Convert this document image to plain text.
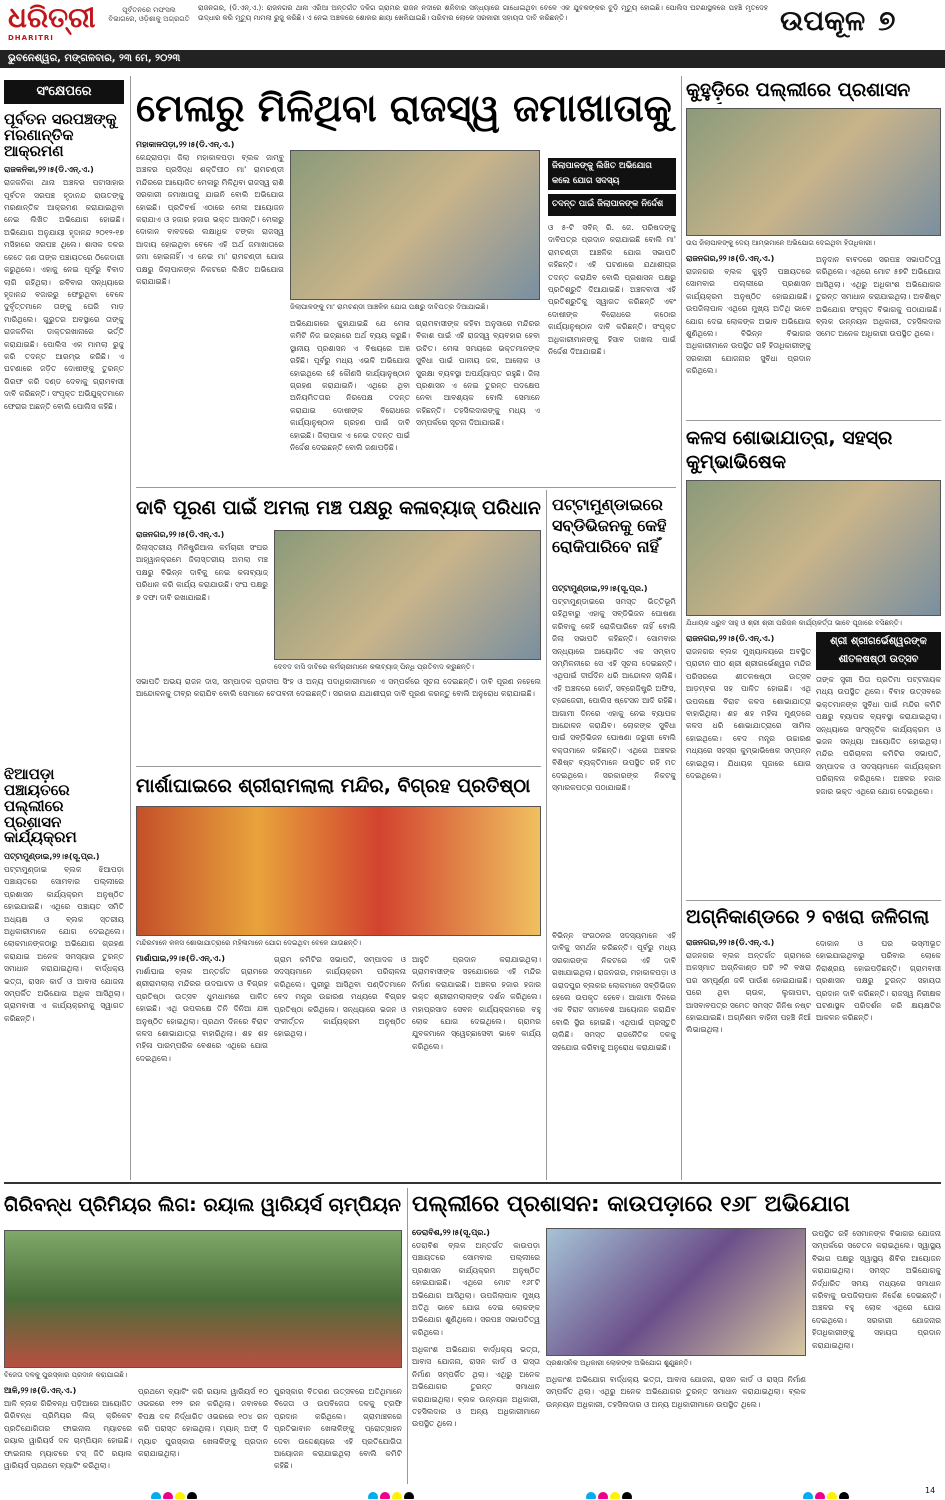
ଧରିତ୍ରୀ
DHARITRI
ପୂର୍ବତନରେ ମଫସଲ ବିଭାଗରେ, ଓଡ଼ିଶାକୁ ଅଗ୍ରଗତି
ରାଜନଗର, (ଡି.ଏନ୍.ଏ.): ରାଜନଗର ଥାନା ଏରିଆ ଅନ୍ତର୍ଗତ ଦଳିଗ ଗ୍ରାମର ରାଜନ ନଦୀରେ ଶନିବାର ସନ୍ଧ୍ୟାରେ ଗାଧୋଇଥିବା ବେଳେ ଏକ ଯୁବକଙ୍କର ବୁଡ଼ି ମୃତ୍ୟୁ ହୋଇଛି। ପୋଲିସ ଘଟଣାସ୍ଥଳରେ ପହଞ୍ଚି ମୃତଦେହ ଉଦ୍ଧାର କରି ମୃତ୍ୟୁ ମାମଲା ରୁଜୁ କରିଛି। ଏ ନେଇ ଅଞ୍ଚଳରେ ଶୋକର ଛାୟା ଖେଳିଯାଇଛି। ପରିବାର ଲୋକେ ସରକାରୀ ସହାୟତା ଦାବି କରିଛନ୍ତି।	ଉପକୂଳ ୭
ଭୁବନେଶ୍ୱର, ମଙ୍ଗଳବାର, ୨୩ ମେ, ୨୦୨୩
ସଂକ୍ଷେପରେ
ପୂର୍ବତନ ସରପଞ୍ଚଙ୍କୁ ମରଣାନ୍ତିକ ଆକ୍ରମଣ
ରାଜକନିକା,୨୨।୫(ଡି.ଏନ୍.ଏ.)
ରାଜକନିକା ଥାନା ଅଞ୍ଚଳର ପଟାସାହାର ପୂର୍ବତନ ସରପଞ୍ଚ ହୃଦାନନ୍ଦ ରାଉତଙ୍କୁ ମରଣାନ୍ତିକ ଆକ୍ରମଣ କରାଯାଇଥିବା ନେଇ ଲିଖିତ ଅଭିଯୋଗ ହୋଇଛି। ଅଭିଯୋଗ ଅନୁଯାୟୀ ହୃଦାନନ୍ଦ ୨୦୧୨-୧୭ ମସିହାରେ ସରପଞ୍ଚ ଥିଲେ। ଶାସକ ଦଳର କେତେ ଜଣ ତାଙ୍କ ପଞ୍ଚାୟତରେ ଠିକେଦାରୀ କରୁଥିଲେ। ଏହାକୁ ନେଇ ପୂର୍ବରୁ ବିବାଦ ଲାଗି ରହିଥିଲା। ରବିବାର ସନ୍ଧ୍ୟାରେ ହୃଦାନନ୍ଦ ବଜାରରୁ ଫେରୁଥିବା ବେଳେ ଦୁର୍ବୃତ୍ତମାନେ ତାଙ୍କୁ ଘେରି ମାଡ଼ ମାରିଥିଲେ। ଗୁରୁତର ଅବସ୍ଥାରେ ତାଙ୍କୁ ରାଜକନିକା ଡାକ୍ତରଖାନାରେ ଭର୍ତ୍ତି କରାଯାଇଛି। ପୋଲିସ ଏକ ମାମଲା ରୁଜୁ କରି ତଦନ୍ତ ଆରମ୍ଭ କରିଛି। ଏ ଘଟଣାରେ ଜଡ଼ିତ ଦୋଷୀଙ୍କୁ ତୁରନ୍ତ ଗିରଫ କରି ଦଣ୍ଡ ଦେବାକୁ ଗ୍ରାମବାସୀ ଦାବି କରିଛନ୍ତି। ସଂପୃକ୍ତ ଅଭିଯୁକ୍ତମାନେ ଫେରାର ଅଛନ୍ତି ବୋଲି ପୋଲିସ କହିଛି।
ଝିଆପଡ଼ା ପଞ୍ଚାୟତରେ ପଲ୍ଲୀରେ ପ୍ରଶାସନ କାର୍ଯ୍ୟକ୍ରମ
ପଟ୍ଟାମୁଣ୍ଡାଇ,୨୨।୫(ସୂ.ପ୍ର.)
ପଟ୍ଟାମୁଣ୍ଡାଇ ବ୍ଲକ ଝିଆପଡ଼ା ପଞ୍ଚାୟତରେ ସୋମବାର ପଲ୍ଲୀରେ ପ୍ରଶାସନ କାର୍ଯ୍ୟକ୍ରମ ଅନୁଷ୍ଠିତ ହୋଇଯାଇଛି। ଏଥିରେ ପଞ୍ଚାୟତ ସମିତି ଅଧ୍ୟକ୍ଷ ଓ ବ୍ଲକ ସ୍ତରୀୟ ଅଧିକାରୀମାନେ ଯୋଗ ଦେଇଥିଲେ। ଲୋକମାନଙ୍କଠାରୁ ଅଭିଯୋଗ ଗ୍ରହଣ କରାଯାଇ ଅନେକ ସମସ୍ୟାର ତୁରନ୍ତ ସମାଧାନ କରାଯାଇଥିଲା। ବାର୍ଦ୍ଧକ୍ୟ ଭତ୍ତା, ରାସନ କାର୍ଡ ଓ ଆବାସ ଯୋଜନା ସମ୍ପର୍କିତ ଅଭିଯୋଗ ଅଧିକ ଆସିଥିଲା। ଗ୍ରାମବାସୀ ଏ କାର୍ଯ୍ୟକ୍ରମକୁ ସ୍ୱାଗତ କରିଛନ୍ତି।
ମେଳାରୁ ମିଳିଥିବା ରାଜସ୍ୱ ଜମାଖାତାକୁ
ମହାକାଳପଡ଼ା,୨୨।୫(ଡି.ଏନ୍.ଏ.)
ଜିଲାପାଳଙ୍କୁ ମା' ରାମଚଣ୍ଡୀ ଆଞ୍ଚଳିକ ଯୋଗ ପକ୍ଷରୁ ଦାବିପତ୍ର ଦିଆଯାଇଛି।
କେନ୍ଦ୍ରାପଡ଼ା ଜିଲା ମହାକାଳପଡ଼ା ବ୍ଲକ ଜାମ୍ବୁ ଅଞ୍ଚଳର ପ୍ରସିଦ୍ଧ ଶକ୍ତିପୀଠ ମା' ରାମଚଣ୍ଡୀ ମନ୍ଦିରରେ ଆୟୋଜିତ ମେଳାରୁ ମିଳିଥିବା ରାଜସ୍ୱ ରାଶି ସରକାରୀ ଜମାଖାତାକୁ ଯାଇନି ବୋଲି ଅଭିଯୋଗ ହୋଇଛି। ପ୍ରତିବର୍ଷ ଏଠାରେ ମେଳା ଆୟୋଜନ କରାଯାଏ ଓ ହଜାର ହଜାର ଭକ୍ତ ଆସନ୍ତି। ମେଳାରୁ ଦୋକାନ ବାବଦରେ ଲକ୍ଷାଧିକ ଟଙ୍କା ରାଜସ୍ୱ ଆଦାୟ ହୋଇଥିବା ବେଳେ ଏହି ଅର୍ଥ ଜମାଖାତାରେ ଜମା ହୋଇନାହିଁ। ଏ ନେଇ ମା' ରାମଚଣ୍ଡୀ ଯୋଗ ପକ୍ଷରୁ ଜିଲାପାଳଙ୍କ ନିକଟରେ ଲିଖିତ ଅଭିଯୋଗ କରାଯାଇଛି।
ଅଭିଯୋଗରେ କୁହାଯାଇଛି ଯେ ମେଳା କମିଟି ନିଜ ଇଚ୍ଛାରେ ଅର୍ଥ ବ୍ୟୟ କରୁଛି। ସ୍ଥାନୀୟ ପ୍ରଶାସନ ଏ ବିଷୟରେ ଅଜ୍ଞ ରହିଛି। ପୂର୍ବରୁ ମଧ୍ୟ ଏଭଳି ଅଭିଯୋଗ ହୋଇଥିଲେ ହେଁ କୌଣସି କାର୍ଯ୍ୟାନୁଷ୍ଠାନ ଗ୍ରହଣ କରାଯାଇନି। ଏଥିରେ ଥିବା ଅନିୟମିତତାର ନିରପେକ୍ଷ ତଦନ୍ତ କରାଯାଇ ଦୋଷୀଙ୍କ ବିରୋଧରେ କାର୍ଯ୍ୟାନୁଷ୍ଠାନ ଗ୍ରହଣ ପାଇଁ ଦାବି ହୋଇଛି। ଜିଲାପାଳ ଏ ନେଇ ତଦନ୍ତ ପାଇଁ ନିର୍ଦ୍ଦେଶ ଦେଇଛନ୍ତି ବୋଲି ଜଣାପଡ଼ିଛି।
ଗ୍ରାମବାସୀଙ୍କ କହିବା ଅନୁସାରେ ମନ୍ଦିରର ବିକାଶ ପାଇଁ ଏହି ରାଜସ୍ୱ ବ୍ୟବହାର ହେବା ଉଚିତ। ମେଳା ସମୟରେ ଭକ୍ତମାନଙ୍କ ସୁବିଧା ପାଇଁ ପାନୀୟ ଜଳ, ଆଲୋକ ଓ ସୁରକ୍ଷା ବ୍ୟବସ୍ଥା ଅପର୍ଯ୍ୟାପ୍ତ ରହୁଛି। ଜିଲା ପ୍ରଶାସନ ଏ ନେଇ ତୁରନ୍ତ ପଦକ୍ଷେପ ନେବା ଆବଶ୍ୟକ ବୋଲି ସେମାନେ କହିଛନ୍ତି। ତହସିଲଦାରଙ୍କୁ ମଧ୍ୟ ଏ ସମ୍ପର୍କରେ ସୂଚନା ଦିଆଯାଇଛି।
ଜିଲାପାଳଙ୍କୁ ଲିଖିତ ଅଭିଯୋଗ କଲେ ଯୋଗ ସଦସ୍ୟ
ତଦନ୍ତ ପାଇଁ ଜିଲାପାଳଙ୍କ ନିର୍ଦ୍ଦେଶ
ଓ ୫-ଟି ସବିନ୍ ରି. ଜେ. ପରିଷଦଙ୍କୁ ଦାବିପତ୍ର ପ୍ରଦାନ କରାଯାଇଛି ବୋଲି ମା' ରାମଚଣ୍ଡୀ ଆଞ୍ଚଳିକ ଯୋଗ ସଭାପତି କହିଛନ୍ତି। ଏହି ଘଟଣାରେ ଯଥାଶୀଘ୍ର ତଦନ୍ତ କରାଯିବ ବୋଲି ପ୍ରଶାସନ ପକ୍ଷରୁ ପ୍ରତିଶ୍ରୁତି ଦିଆଯାଇଛି। ଅଞ୍ଚଳବାସୀ ଏହି ପ୍ରତିଶ୍ରୁତିକୁ ସ୍ୱାଗତ କରିଛନ୍ତି ଏବଂ ଦୋଷୀଙ୍କ ବିରୋଧରେ କଠୋର କାର୍ଯ୍ୟାନୁଷ୍ଠାନ ଦାବି କରିଛନ୍ତି। ସଂପୃକ୍ତ ଅଧିକାରୀମାନଙ୍କୁ ହିସାବ ଦାଖଲ ପାଇଁ ନିର୍ଦ୍ଦେଶ ଦିଆଯାଇଛି।
କୁହୁଡ଼ିରେ ପଲ୍ଲୀରେ ପ୍ରଶାସନ
ଉପ ଜିଲାପାଳଙ୍କୁ ଦେୟ ଆମ୍ଭମାନେ ଅଭିଯୋଗ ଦେଇଥିବା ହିତାଧିକାରୀ।
ରାଜନଗର,୨୨।୫(ଡି.ଏନ୍.ଏ.)
ରାଜନଗର ବ୍ଲକ କୁହୁଡ଼ି ପଞ୍ଚାୟତରେ ସୋମବାର ପଲ୍ଲୀରେ ପ୍ରଶାସନ କାର୍ଯ୍ୟକ୍ରମ ଅନୁଷ୍ଠିତ ହୋଇଯାଇଛି। ଉପଜିଲାପାଳ ଏଥିରେ ମୁଖ୍ୟ ଅତିଥି ଭାବେ ଯୋଗ ଦେଇ ଲୋକଙ୍କ ଅଭାବ ଅଭିଯୋଗ ଶୁଣିଥିଲେ। ବିଭିନ୍ନ ବିଭାଗର ଅଧିକାରୀମାନେ ଉପସ୍ଥିତ ରହି ହିତାଧିକାରୀଙ୍କୁ ସରକାରୀ ଯୋଜନାର ସୁବିଧା ପ୍ରଦାନ କରିଥିଲେ।
ଅନୁଦାନ ବାବଦରେ ସରପଞ୍ଚ ସଭାପତିତ୍ୱ କରିଥିଲେ। ଏଥିରେ ମୋଟ ୫୭ଟି ଅଭିଯୋଗ ଆସିଥିଲା। ଏଥିରୁ ଅଧିକାଂଶ ଅଭିଯୋଗର ତୁରନ୍ତ ସମାଧାନ କରାଯାଇଥିଲା। ଅବଶିଷ୍ଟ ଅଭିଯୋଗ ସଂପୃକ୍ତ ବିଭାଗକୁ ପଠାଯାଇଛି। ବ୍ଲକ ଉନ୍ନୟନ ଅଧିକାରୀ, ତହସିଲଦାର ସମେତ ଅନେକ ଅଧିକାରୀ ଉପସ୍ଥିତ ଥିଲେ।
କଳସ ଶୋଭାଯାତ୍ରା, ସହସ୍ର କୁମ୍ଭାଭିଷେକ
ଯିଧାୟକ ଧ୍ରୁବ ସାହୁ ଓ ଶ୍ରୀ ଶ୍ରୀ ପରିଜନ କାର୍ଯ୍ୟକର୍ତ୍ତା ଭାବେ ପୂଜାରେ ବସିଛନ୍ତି।
ରାଜନଗର,୨୨।୫(ଡି.ଏନ୍.ଏ.)	ଶ୍ରୀ ଶ୍ରୀଗର୍ଭେଶ୍ୱରଙ୍କ ଶୀତଳଷଷ୍ଠୀ ଉତ୍ସବ
ରାଜନଗର ବ୍ଲକ ମୁଖ୍ୟାଳୟରେ ଅବସ୍ଥିତ ପ୍ରାଚୀନ ପୀଠ ଶ୍ରୀ ଶ୍ରୀଗର୍ଭେଶ୍ୱର ମନ୍ଦିର ପରିସରରେ ଶୀତଳଷଷ୍ଠୀ ଉତ୍ସବ ଆଡ଼ମ୍ବର ସହ ପାଳିତ ହୋଇଛି। ଏଥି ଉପଲକ୍ଷେ ବିରାଟ କଳସ ଶୋଭାଯାତ୍ରା ବାହାରିଥିଲା। ଶହ ଶହ ମହିଳା ମୁଣ୍ଡରେ କଳସ ଧରି ଶୋଭାଯାତ୍ରାରେ ସାମିଲ ହୋଇଥିଲେ। ବେଦ ମନ୍ତ୍ର ଉଚ୍ଚାରଣ ମଧ୍ୟରେ ସହସ୍ର କୁମ୍ଭାଭିଷେକ ସମ୍ପନ୍ନ ହୋଇଥିଲା। ଯିଧାୟକ ପୂଜାରେ ଯୋଗ ଦେଇଥିଲେ।
ତାଙ୍କ ସ୍ତ୍ରୀ ପିତା ପ୍ରତିମା ପଟ୍ଟନାୟକ ମଧ୍ୟ ଉପସ୍ଥିତ ଥିଲେ। ବିବାହ ଉତ୍ସବରେ ଭକ୍ତମାନଙ୍କ ସୁବିଧା ପାଇଁ ମନ୍ଦିର କମିଟି ପକ୍ଷରୁ ବ୍ୟାପକ ବ୍ୟବସ୍ଥା କରାଯାଇଥିଲା। ସନ୍ଧ୍ୟାରେ ସାଂସ୍କୃତିକ କାର୍ଯ୍ୟକ୍ରମ ଓ ଭଜନ ସନ୍ଧ୍ୟା ଆୟୋଜିତ ହୋଇଥିଲା। ମନ୍ଦିର ପରିଚାଳନା କମିଟିର ସଭାପତି, ସମ୍ପାଦକ ଓ ସଦସ୍ୟମାନେ କାର୍ଯ୍ୟକ୍ରମ ପରିଚାଳନା କରିଥିଲେ। ଅଞ୍ଚଳର ହଜାର ହଜାର ଭକ୍ତ ଏଥିରେ ଯୋଗ ଦେଇଥିଲେ।
ଅଗ୍ନିକାଣ୍ଡରେ ୨ ବଖରା ଜଳିଗଲା
ରାଜନଗର,୨୨।୫(ଡି.ଏନ୍.ଏ.)
ରାଜନଗର ବ୍ଲକ ଅନ୍ତର୍ଗତ ଗ୍ରାମରେ ଅକସ୍ମାତ ଅଗ୍ନିକାଣ୍ଡ ଘଟି ୨ଟି ବଖରା ଘର ସମ୍ପୂର୍ଣ୍ଣ ଜଳି ପାଉଁଶ ହୋଇଯାଇଛି। ଘରେ ଥିବା ଚାଉଳ, ଲୁଗାପଟା, ଆସବାବପତ୍ର ସମେତ ସମସ୍ତ ଜିନିଷ ନଷ୍ଟ ହୋଇଯାଇଛି। ଅଗ୍ନିଶମ ବାହିନୀ ପହଞ୍ଚି ନିଆଁ ଲିଭାଇଥିଲା।
ଦୋକାନ ଓ ଘର ଭସ୍ମୀଭୂତ ହୋଇଯାଇଥିବାରୁ ପରିବାର ଲୋକେ ନିରାଶ୍ରୟ ହୋଇପଡ଼ିଛନ୍ତି। ଗ୍ରାମବାସୀ ପ୍ରଶାସନ ପକ୍ଷରୁ ତୁରନ୍ତ ସହାୟତା ପ୍ରଦାନ ଦାବି କରିଛନ୍ତି। ରାଜସ୍ୱ ନିରୀକ୍ଷକ ଘଟଣାସ୍ଥଳ ପରିଦର୍ଶନ କରି କ୍ଷୟକ୍ଷତିର ଆକଳନ କରିଛନ୍ତି।
ଦାବି ପୂରଣ ପାଇଁ ଅମଲା ମଞ୍ଚ ପକ୍ଷରୁ କଳାବ୍ୟାଜ୍ ପରିଧାନ
ରାଜନଗର,୨୨।୫(ଡି.ଏନ୍.ଏ.)
ଜିଲାସ୍ତରୀୟ ମିନିଷ୍ଟ୍ରିଆଲ କର୍ମଚାରୀ ସଂଘର ଆହ୍ୱାନକ୍ରମେ ଜିଲାସ୍ତରୀୟ ଅମଲା ମଞ୍ଚ ପକ୍ଷରୁ ବିଭିନ୍ନ ଦାବିକୁ ନେଇ କଳାବ୍ୟାଜ୍ ପରିଧାନ କରି କାର୍ଯ୍ୟ କରାଯାଉଛି। ସଂଘ ପକ୍ଷରୁ ୭ ଦଫା ଦାବି ରଖାଯାଇଛି।
ଦେବଦ ବାସି ଦାବିରେ କର୍ମଚାରୀମାନେ କଳାବ୍ୟାଜ୍ ପିନ୍ଧି ପ୍ରତିବାଦ କରୁଛନ୍ତି।
ସଭାପତି ଅଭୟ ରାଜନ ଦାସ, ସମ୍ପାଦକ ପ୍ରଦୀପ ସିଂହ ଓ ଅନ୍ୟ ପଦାଧିକାରୀମାନେ ଏ ସମ୍ପର୍କରେ ସୂଚନା ଦେଇଛନ୍ତି। ଦାବି ପୂରଣ ନହେଲେ ଆନ୍ଦୋଳନକୁ ତୀବ୍ର କରାଯିବ ବୋଲି ସେମାନେ ଚେତାବନୀ ଦେଇଛନ୍ତି। ସରକାର ଯଥାଶୀଘ୍ର ଦାବି ପୂରଣ କରନ୍ତୁ ବୋଲି ଅନୁରୋଧ କରାଯାଇଛି।
ପଟ୍ଟାମୁଣ୍ଡାଇରେ ସବ୍‌ଡିଭିଜନକୁ କେହି ରୋକିପାରିବେ ନାହିଁ
ପଟ୍ଟାମୁଣ୍ଡାଇ,୨୨।୫(ସୂ.ପ୍ର.)
ପଟ୍ଟାମୁଣ୍ଡାଇରେ ସମସ୍ତ ଭିତ୍ତିଭୂମି ରହିଥିବାରୁ ଏହାକୁ ସବ୍‌ଡିଭିଜନ ଘୋଷଣା କରିବାକୁ କେହି ରୋକିପାରିବେ ନାହିଁ ବୋଲି ଜିଲା ସଭାପତି କହିଛନ୍ତି। ସୋମବାର ସନ୍ଧ୍ୟାରେ ଆୟୋଜିତ ଏକ ସମ୍ବାଦ ସମ୍ମିଳନୀରେ ସେ ଏହି ସୂଚନା ଦେଇଛନ୍ତି। ଏଥିପାଇଁ ଦୀର୍ଘଦିନ ଧରି ଆନ୍ଦୋଳନ ଚାଲିଛି। ଏହି ଅଞ୍ଚଳରେ କୋର୍ଟ, ସବ୍‌ରେଜିଷ୍ଟ୍ରି ଅଫିସ, ଟ୍ରେଜେରୀ, ପୋଲିସ ଷ୍ଟେସନ ଆଦି ରହିଛି। ଆଗାମୀ ଦିନରେ ଏହାକୁ ନେଇ ବ୍ୟାପକ ଆନ୍ଦୋଳନ କରାଯିବ। ଲୋକଙ୍କ ସୁବିଧା ପାଇଁ ସବ୍‌ଡିଭିଜନ ଘୋଷଣା ଜରୁରୀ ବୋଲି ବକ୍ତାମାନେ କହିଛନ୍ତି। ଏଥିରେ ଅଞ୍ଚଳର ବିଶିଷ୍ଟ ବ୍ୟକ୍ତିମାନେ ଉପସ୍ଥିତ ରହି ମତ ଦେଇଥିଲେ। ସରକାରଙ୍କ ନିକଟକୁ ସ୍ମାରକପତ୍ର ପଠାଯାଇଛି।
ବିଭିନ୍ନ ସଂଗଠନର ସଦସ୍ୟମାନେ ଏହି ଦାବିକୁ ସମର୍ଥନ କରିଛନ୍ତି। ପୂର୍ବରୁ ମଧ୍ୟ ସରକାରଙ୍କ ନିକଟରେ ଏହି ଦାବି ରଖାଯାଇଥିଲା। ରାଜନଗର, ମହାକାଳପଡ଼ା ଓ ଗରାଦପୁର ବ୍ଲକର ଲୋକମାନେ ସବ୍‌ଡିଭିଜନ ହେଲେ ଉପକୃତ ହେବେ। ଆଗାମୀ ଦିନରେ ଏକ ବିରାଟ ସମାବେଶ ଆୟୋଜନ କରାଯିବ ବୋଲି ସ୍ଥିର ହୋଇଛି। ଏଥିପାଇଁ ପ୍ରସ୍ତୁତି ଚାଲିଛି। ସମସ୍ତ ରାଜନୈତିକ ଦଳକୁ ସହଯୋଗ କରିବାକୁ ଅନୁରୋଧ କରାଯାଇଛି।
ମାର୍ଶାଘାଇରେ ଶ୍ରୀରାମଲାଲା ମନ୍ଦିର, ବିଗ୍ରହ ପ୍ରତିଷ୍ଠା
ମନ୍ଦିରମାନେ କଳସ ଶୋଭାଯାତ୍ରାରେ ମହିଳାମାନେ ଯୋଗ ଦେଇଥିବା ବେଳେ ଯାଉଛନ୍ତି।
ମାର୍ଶାଘାଇ,୨୨।୫(ଡି.ଏନ୍.ଏ.)
ମାର୍ଶାଘାଇ ବ୍ଲକ ଅନ୍ତର୍ଗତ ଗ୍ରାମରେ ଶ୍ରୀରାମଲାଲା ମନ୍ଦିରର ଉଦଘାଟନ ଓ ବିଗ୍ରହ ପ୍ରତିଷ୍ଠା ଉତ୍ସବ ଧୁମଧାମରେ ପାଳିତ ହୋଇଛି। ଏଥି ଉପଲକ୍ଷେ ତିନି ଦିନିଆ ଯଜ୍ଞ ଅନୁଷ୍ଠିତ ହୋଇଥିଲା। ପ୍ରଥମ ଦିନରେ ବିରାଟ କଳସ ଶୋଭାଯାତ୍ରା ବାହାରିଥିଲା। ଶହ ଶହ ମହିଳା ପାରମ୍ପରିକ ବେଶରେ ଏଥିରେ ଯୋଗ ଦେଇଥିଲେ।
ଗ୍ରାମ କମିଟିର ସଭାପତି, ସମ୍ପାଦକ ଓ ସଦସ୍ୟମାନେ କାର୍ଯ୍ୟକ୍ରମ ପରିଚାଳନା କରିଥିଲେ। ପୁରୀରୁ ଆସିଥିବା ପଣ୍ଡିତମାନେ ବେଦ ମନ୍ତ୍ର ଉଚ୍ଚାରଣ ମଧ୍ୟରେ ବିଗ୍ରହ ପ୍ରତିଷ୍ଠା କରିଥିଲେ। ସନ୍ଧ୍ୟାରେ ଭଜନ ଓ ସଂକୀର୍ତ୍ତନ କାର୍ଯ୍ୟକ୍ରମ ଅନୁଷ୍ଠିତ ହୋଇଥିଲା।
ଆହୁତି ପ୍ରଦାନ କରାଯାଇଥିଲା। ଗ୍ରାମବାସୀଙ୍କ ସହଯୋଗରେ ଏହି ମନ୍ଦିର ନିର୍ମାଣ କରାଯାଇଛି। ଅଞ୍ଚଳର ହଜାର ହଜାର ଭକ୍ତ ଶ୍ରୀରାମଲାଲାଙ୍କ ଦର୍ଶନ କରିଥିଲେ। ମହାପ୍ରସାଦ ସେବନ କାର୍ଯ୍ୟକ୍ରମରେ ବହୁ ଲୋକ ଯୋଗ ଦେଇଥିଲେ। ଗ୍ରାମର ଯୁବକମାନେ ସ୍ୱେଚ୍ଛାସେବୀ ଭାବେ କାର୍ଯ୍ୟ କରିଥିଲେ।
ଗିରିବନ୍ଧ ପ୍ରିମିୟର ଲିଗ: ରୟାଲ ୱାରିୟର୍ସ ଚାମ୍ପିୟନ
ବିଜେତା ଦଳକୁ ପୁରସ୍କାର ପ୍ରଦାନ କରାଯାଇଛି।
ଆଳି,୨୨।୫(ଡି.ଏନ୍.ଏ.)
ଆଳି ବ୍ଲକ ଗିରିବନ୍ଧ ପଡ଼ିଆରେ ଆୟୋଜିତ ଗିରିବନ୍ଧ ପ୍ରିମିୟର ଲିଗ୍ କ୍ରିକେଟ ପ୍ରତିଯୋଗିତାର ଫାଇନାଲ ମ୍ୟାଚରେ ରୟାଲ ୱାରିୟର୍ସ ଦଳ ଚାମ୍ପିୟନ ହୋଇଛି। ଫାଇନାଲ ମ୍ୟାଚରେ ଟସ୍ ଜିତି ରୟାଲ ୱାରିୟର୍ସ ପ୍ରଥମେ ବ୍ୟାଟିଂ କରିଥିଲା।
ପ୍ରଥମେ ବ୍ୟାଟିଂ କରି ରୟାଲ ୱାରିୟର୍ସ ୧୦ ଓଭରରେ ୧୨୨ ରନ କରିଥିଲା। ଜବାବରେ ବିପକ୍ଷ ଦଳ ନିର୍ଦ୍ଧାରିତ ଓଭରରେ ୧୦୪ ରନ କରି ପରାସ୍ତ ହୋଇଥିଲା। ମ୍ୟାନ୍ ଅଫ୍ ଦି ମ୍ୟାଚ ପୁରସ୍କାର ଖେଳାଳିଙ୍କୁ ପ୍ରଦାନ କରାଯାଇଥିଲା।
ପୁରସ୍କାର ବିତରଣ ଉତ୍ସବରେ ଅତିଥିମାନେ ବିଜେତା ଓ ଉପବିଜେତା ଦଳକୁ ଟ୍ରଫି ପ୍ରଦାନ କରିଥିଲେ। ଗ୍ରାମାଞ୍ଚଳରେ ପ୍ରତିଭାବାନ ଖେଳାଳିଙ୍କୁ ପ୍ରୋତ୍ସାହନ ଦେବା ଉଦ୍ଦେଶ୍ୟରେ ଏହି ପ୍ରତିଯୋଗିତା ଆୟୋଜନ କରାଯାଇଥିଲା ବୋଲି କମିଟି କହିଛି।
ପଲ୍ଲୀରେ ପ୍ରଶାସନ: କାଉପଡ଼ାରେ ୧୬୮ ଅଭିଯୋଗ
ଡେରାବିଶ,୨୨।୫(ସୂ.ପ୍ର.)
ଡେରାବିଶ ବ୍ଲକ ଅନ୍ତର୍ଗତ କାଉପଡ଼ା ପଞ୍ଚାୟତରେ ସୋମବାର ପଲ୍ଲୀରେ ପ୍ରଶାସନ କାର୍ଯ୍ୟକ୍ରମ ଅନୁଷ୍ଠିତ ହୋଇଯାଇଛି। ଏଥିରେ ମୋଟ ୧୬୮ଟି ଅଭିଯୋଗ ଆସିଥିଲା। ଉପଜିଲାପାଳ ମୁଖ୍ୟ ଅତିଥି ଭାବେ ଯୋଗ ଦେଇ ଲୋକଙ୍କ ଅଭିଯୋଗ ଶୁଣିଥିଲେ। ସରପଞ୍ଚ ସଭାପତିତ୍ୱ କରିଥିଲେ।
ଅଧିକାଂଶ ଅଭିଯୋଗ ବାର୍ଦ୍ଧକ୍ୟ ଭତ୍ତା, ଆବାସ ଯୋଜନା, ରାସନ କାର୍ଡ ଓ ରାସ୍ତା ନିର୍ମାଣ ସମ୍ପର୍କିତ ଥିଲା। ଏଥିରୁ ଅନେକ ଅଭିଯୋଗର ତୁରନ୍ତ ସମାଧାନ କରାଯାଇଥିଲା। ବ୍ଲକ ଉନ୍ନୟନ ଅଧିକାରୀ, ତହସିଲଦାର ଓ ଅନ୍ୟ ଅଧିକାରୀମାନେ ଉପସ୍ଥିତ ଥିଲେ।
ପ୍ରଶାସନିକ ଅଧିକାରୀ ଲୋକଙ୍କ ଅଭିଯୋଗ ଶୁଣୁଛନ୍ତି।
ଉପସ୍ଥିତ ରହି ସେମାନଙ୍କ ବିଭାଗର ଯୋଜନା ସମ୍ପର୍କରେ ସଚେତନ କରାଇଥିଲେ। ସ୍ୱାସ୍ଥ୍ୟ ବିଭାଗ ପକ୍ଷରୁ ସ୍ୱାସ୍ଥ୍ୟ ଶିବିର ଆୟୋଜନ କରାଯାଇଥିଲା। ସମସ୍ତ ଅଭିଯୋଗକୁ ନିର୍ଦ୍ଧାରିତ ସମୟ ମଧ୍ୟରେ ସମାଧାନ କରିବାକୁ ଉପଜିଲାପାଳ ନିର୍ଦ୍ଦେଶ ଦେଇଛନ୍ତି। ଅଞ୍ଚଳର ବହୁ ଲୋକ ଏଥିରେ ଯୋଗ ଦେଇଥିଲେ। ସରକାରୀ ଯୋଜନାର ହିତାଧିକାରୀଙ୍କୁ ସହାୟତା ପ୍ରଦାନ କରାଯାଇଥିଲା।
ଅଧିକାଂଶ ଅଭିଯୋଗ ବାର୍ଦ୍ଧକ୍ୟ ଭତ୍ତା, ଆବାସ ଯୋଜନା, ରାସନ କାର୍ଡ ଓ ରାସ୍ତା ନିର୍ମାଣ ସମ୍ପର୍କିତ ଥିଲା। ଏଥିରୁ ଅନେକ ଅଭିଯୋଗର ତୁରନ୍ତ ସମାଧାନ କରାଯାଇଥିଲା। ବ୍ଲକ ଉନ୍ନୟନ ଅଧିକାରୀ, ତହସିଲଦାର ଓ ଅନ୍ୟ ଅଧିକାରୀମାନେ ଉପସ୍ଥିତ ଥିଲେ।
14
